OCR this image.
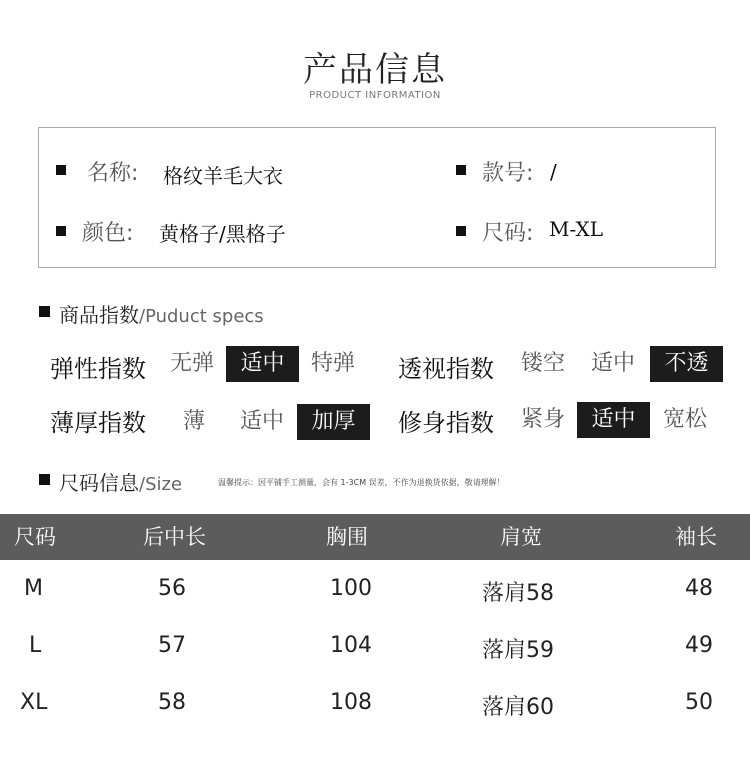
产品信息
PRODUCT INFORMATION
名称: 格纹羊毛大衣	款号: /
颜色: 黄格子/黑格子	尺码: M-XL
商品指数/Puduct specs
弹性指数	无弹	适中	特弹	透视指数	镂空	适中	不透
薄厚指数	薄	适中	加厚	修身指数	紧身	适中	宽松
尺码信息/Size	温馨提示：因平铺手工测量，会有 1-3CM 误差，不作为退换货依据，敬请理解！
尺码	后中长	胸围	肩宽	袖长
M	56	100	落肩58	48
L	57	104	落肩59	49
XL	58	108	落肩60	50
